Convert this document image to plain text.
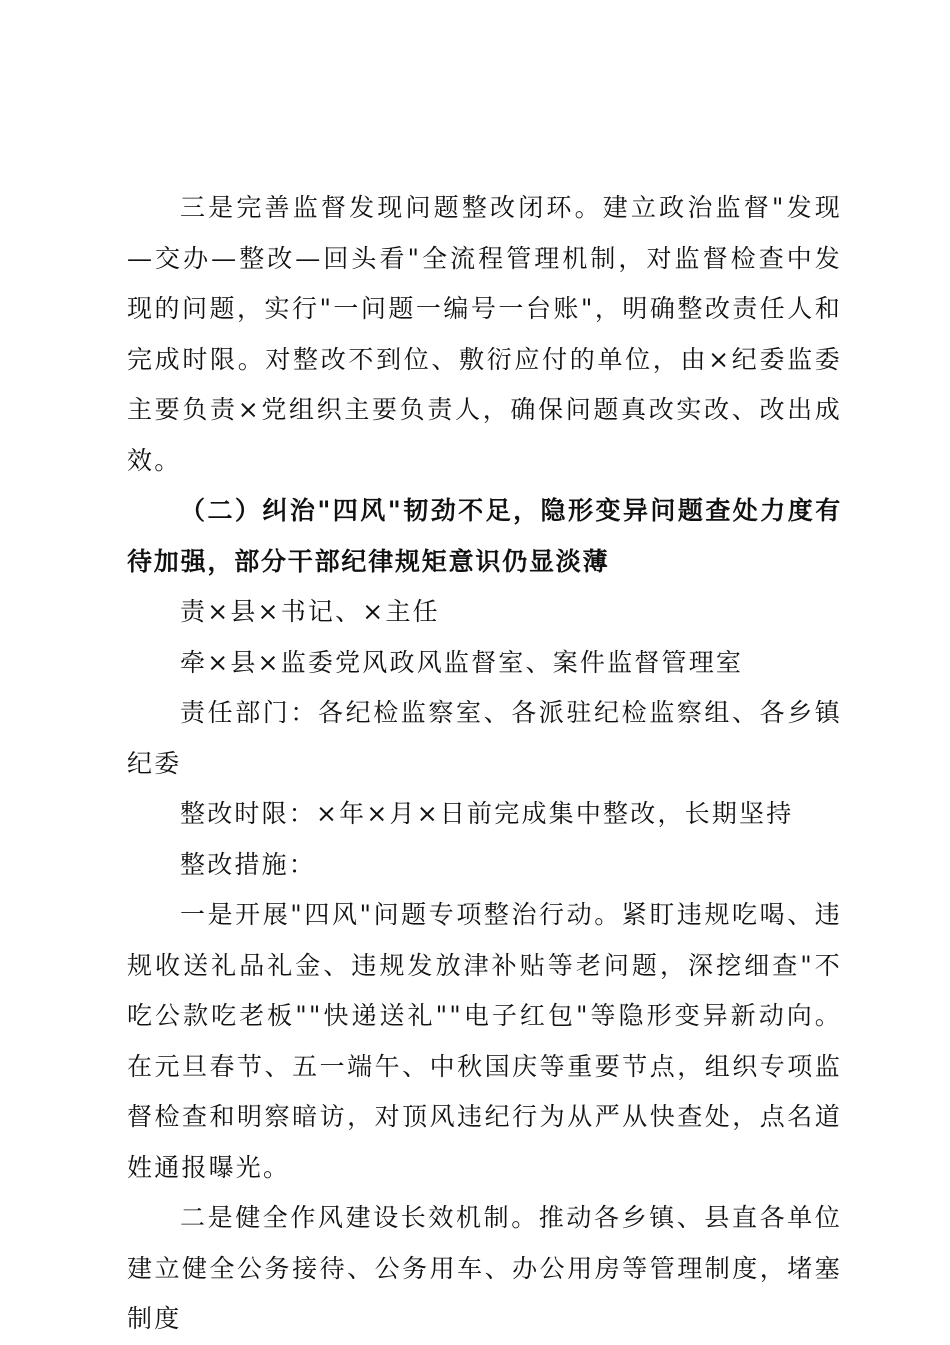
三是完善监督发现问题整改闭环。建立政治监督"发现—交办—整改—回头看"全流程管理机制，对监督检查中发现的问题，实行"一问题一编号一台账"，明确整改责任人和完成时限。对整改不到位、敷衍应付的单位，由×纪委监委主要负责×党组织主要负责人，确保问题真改实改、改出成效。

（二）纠治"四风"韧劲不足，隐形变异问题查处力度有待加强，部分干部纪律规矩意识仍显淡薄

责×县×书记、×主任

牵×县×监委党风政风监督室、案件监督管理室

责任部门：各纪检监察室、各派驻纪检监察组、各乡镇纪委

整改时限：×年×月×日前完成集中整改，长期坚持

整改措施：

一是开展"四风"问题专项整治行动。紧盯违规吃喝、违规收送礼品礼金、违规发放津补贴等老问题，深挖细查"不吃公款吃老板""快递送礼""电子红包"等隐形变异新动向。在元旦春节、五一端午、中秋国庆等重要节点，组织专项监督检查和明察暗访，对顶风违纪行为从严从快查处，点名道姓通报曝光。

二是健全作风建设长效机制。推动各乡镇、县直各单位建立健全公务接待、公务用车、办公用房等管理制度，堵塞制度
